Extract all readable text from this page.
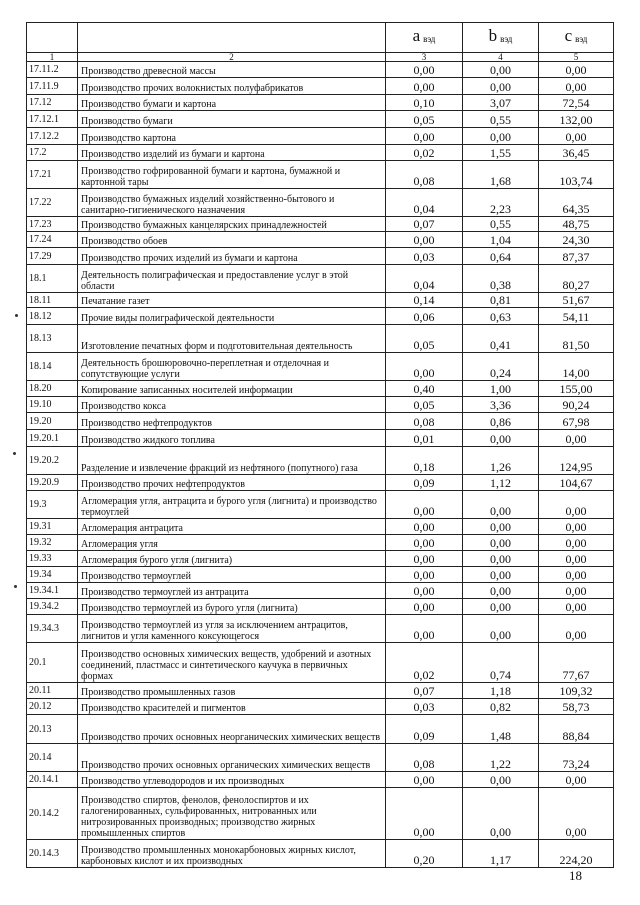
		a $_{вэд}$	b $_{вэд}$	c $_{вэд}$
1	2	3	4	5
17.11.2	Производство древесной массы	0,00	0,00	0,00
17.11.9	Производство прочих волокнистых полуфабрикатов	0,00	0,00	0,00
17.12	Производство бумаги и картона	0,10	3,07	72,54
17.12.1	Производство бумаги	0,05	0,55	132,00
17.12.2	Производство картона	0,00	0,00	0,00
17.2	Производство изделий из бумаги и картона	0,02	1,55	36,45
17.21	Производство гофрированной бумаги и картона, бумажной и картонной тары	0,08	1,68	103,74
17.22	Производство бумажных изделий хозяйственно-бытового и санитарно-гигиенического назначения	0,04	2,23	64,35
17.23	Производство бумажных канцелярских принадлежностей	0,07	0,55	48,75
17.24	Производство обоев	0,00	1,04	24,30
17.29	Производство прочих изделий из бумаги и картона	0,03	0,64	87,37
18.1	Деятельность полиграфическая и предоставление услуг в этой области	0,04	0,38	80,27
18.11	Печатание газет	0,14	0,81	51,67
18.12	Прочие виды полиграфической деятельности	0,06	0,63	54,11
18.13	Изготовление печатных форм и подготовительная деятельность	0,05	0,41	81,50
18.14	Деятельность брошюровочно-переплетная и отделочная и сопутствующие услуги	0,00	0,24	14,00
18.20	Копирование записанных носителей информации	0,40	1,00	155,00
19.10	Производство кокса	0,05	3,36	90,24
19.20	Производство нефтепродуктов	0,08	0,86	67,98
19.20.1	Производство жидкого топлива	0,01	0,00	0,00
19.20.2	Разделение и извлечение фракций из нефтяного (попутного) газа	0,18	1,26	124,95
19.20.9	Производство прочих нефтепродуктов	0,09	1,12	104,67
19.3	Агломерация угля, антрацита и бурого угля (лигнита) и производство термоуглей	0,00	0,00	0,00
19.31	Агломерация антрацита	0,00	0,00	0,00
19.32	Агломерация угля	0,00	0,00	0,00
19.33	Агломерация бурого угля (лигнита)	0,00	0,00	0,00
19.34	Производство термоуглей	0,00	0,00	0,00
19.34.1	Производство термоуглей из антрацита	0,00	0,00	0,00
19.34.2	Производство термоуглей из бурого угля (лигнита)	0,00	0,00	0,00
19.34.3	Производство термоуглей из угля за исключением антрацитов, лигнитов и угля каменного коксующегося	0,00	0,00	0,00
20.1	Производство основных химических веществ, удобрений и азотных соединений, пластмасс и синтетического каучука в первичных формах	0,02	0,74	77,67
20.11	Производство промышленных газов	0,07	1,18	109,32
20.12	Производство красителей и пигментов	0,03	0,82	58,73
20.13	Производство прочих основных неорганических химических веществ	0,09	1,48	88,84
20.14	Производство прочих основных органических химических веществ	0,08	1,22	73,24
20.14.1	Производство углеводородов и их производных	0,00	0,00	0,00
20.14.2	Производство спиртов, фенолов, фенолоспиртов и их галогенированных, сульфированных, нитрованных или нитрозированных производных; производство жирных промышленных спиртов	0,00	0,00	0,00
20.14.3	Производство промышленных монокарбоновых жирных кислот, карбоновых кислот и их производных	0,20	1,17	224,20
18
